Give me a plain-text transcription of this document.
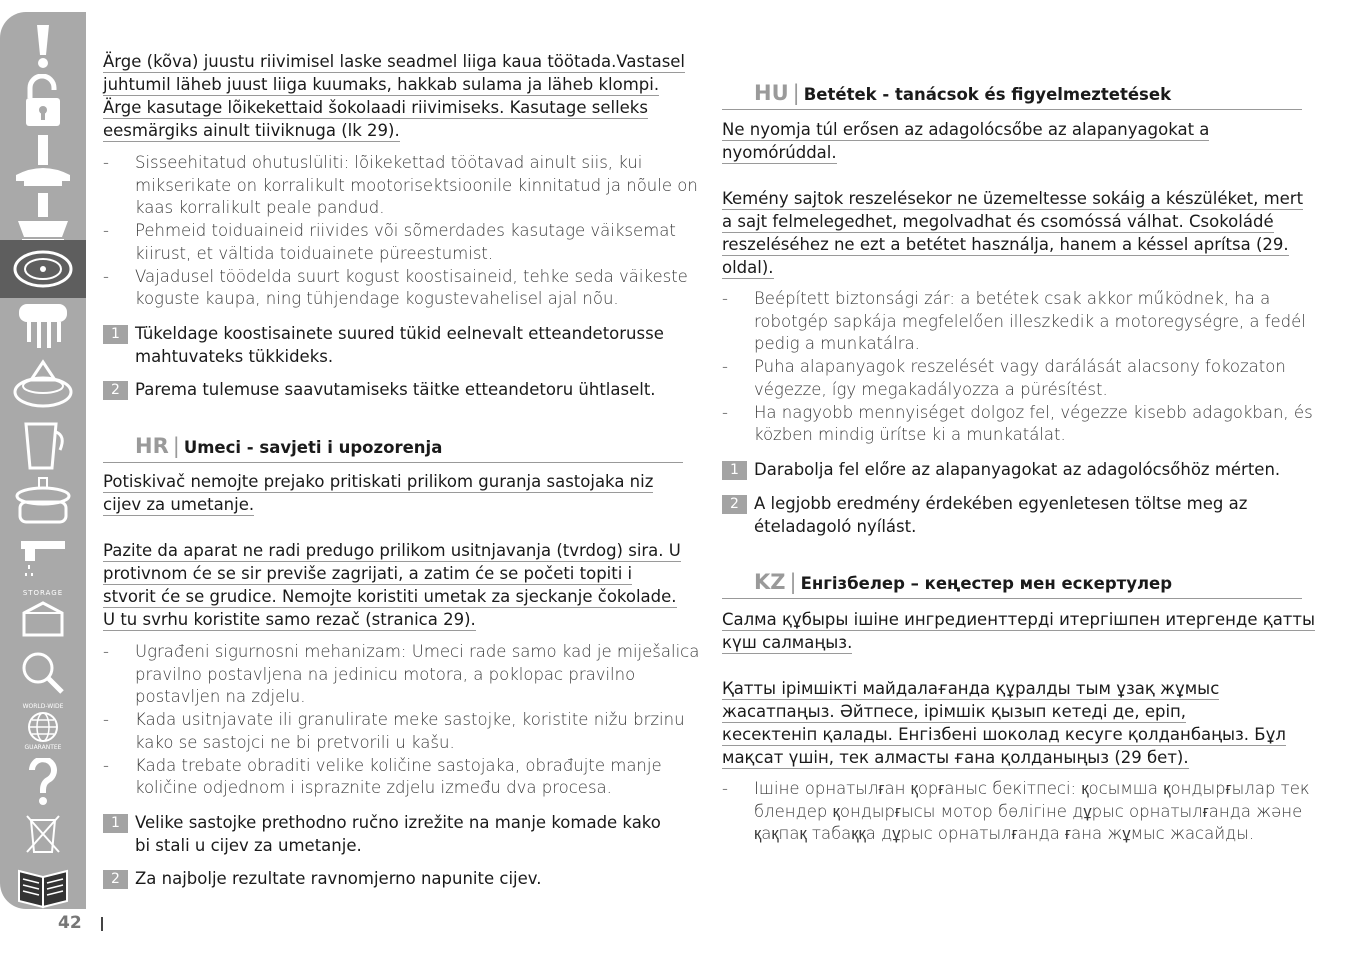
STORAGE
WORLD-WIDE
GUARANTEE
42
Ärge (kõva) juustu riivimisel laske seadmel liiga kaua töötada.Vastasel
juhtumil läheb juust liiga kuumaks, hakkab sulama ja läheb klompi.
Ärge kasutage lõikekettaid šokolaadi riivimiseks. Kasutage selleks
eesmärgiks ainult tiiviknuga (lk 29).
- Sisseehitatud ohutuslüliti: lõikekettad töötavad ainult siis, kui
mikserikate on korralikult mootorisektsioonile kinnitatud ja nõule on
kaas korralikult peale pandud.
- Pehmeid toiduaineid riivides või sõmerdades kasutage väiksemat
kiirust, et vältida toiduainete püreestumist.
- Vajadusel töödelda suurt kogust koostisaineid, tehke seda väikeste
koguste kaupa, ning tühjendage kogustevahelisel ajal nõu.
1 Tükeldage koostisainete suured tükid eelnevalt etteandetorusse
mahtuvateks tükkideks.
2 Parema tulemuse saavutamiseks täitke etteandetoru ühtlaselt.
HR | Umeci - savjeti i upozorenja
Potiskivač nemojte prejako pritiskati prilikom guranja sastojaka niz
cijev za umetanje.
Pazite da aparat ne radi predugo prilikom usitnjavanja (tvrdog) sira. U
protivnom će se sir previše zagrijati, a zatim će se početi topiti i
stvorit će se grudice. Nemojte koristiti umetak za sjeckanje čokolade.
U tu svrhu koristite samo rezač (stranica 29).
- Ugrađeni sigurnosni mehanizam: Umeci rade samo kad je miješalica
pravilno postavljena na jedinicu motora, a poklopac pravilno
postavljen na zdjelu.
- Kada usitnjavate ili granulirate meke sastojke, koristite nižu brzinu
kako se sastojci ne bi pretvorili u kašu.
- Kada trebate obraditi velike količine sastojaka, obrađujte manje
količine odjednom i ispraznite zdjelu između dva procesa.
1 Velike sastojke prethodno ručno izrežite na manje komade kako
bi stali u cijev za umetanje.
2 Za najbolje rezultate ravnomjerno napunite cijev.
HU | Betétek - tanácsok és figyelmeztetések
Ne nyomja túl erősen az adagolócsőbe az alapanyagokat a
nyomórúddal.
Kemény sajtok reszelésekor ne üzemeltesse sokáig a készüléket, mert
a sajt felmelegedhet, megolvadhat és csomóssá válhat. Csokoládé
reszeléséhez ne ezt a betétet használja, hanem a késsel aprítsa (29.
oldal).
- Beépített biztonsági zár: a betétek csak akkor működnek, ha a
robotgép sapkája megfelelően illeszkedik a motoregységre, a fedél
pedig a munkatálra.
- Puha alapanyagok reszelését vagy darálását alacsony fokozaton
végezze, így megakadályozza a pürésítést.
- Ha nagyobb mennyiséget dolgoz fel, végezze kisebb adagokban, és
közben mindig ürítse ki a munkatálat.
1 Darabolja fel előre az alapanyagokat az adagolócsőhöz mérten.
2 A legjobb eredmény érdekében egyenletesen töltse meg az
ételadagoló nyílást.
KZ | Енгізбелер – кеңестер мен ескертулер
Салма құбыры ішіне ингредиенттерді итергішпен итергенде қатты
күш салмаңыз.
Қатты ірімшікті майдалағанда құралды тым ұзақ жұмыс
жасатпаңыз. Әйтпесе, ірімшік қызып кетеді де, еріп,
кесектеніп қалады. Енгізбені шоколад кесуге қолданбаңыз. Бұл
мақсат үшін, тек алмасты ғана қолданыңыз (29 бет).
- Ішіне орнатылған қорғаныс бекітпесі: қосымша қондырғылар тек
блендер қондырғысы мотор бөлігіне дұрыс орнатылғанда және
қақпақ табаққа дұрыс орнатылғанда ғана жұмыс жасайды.
